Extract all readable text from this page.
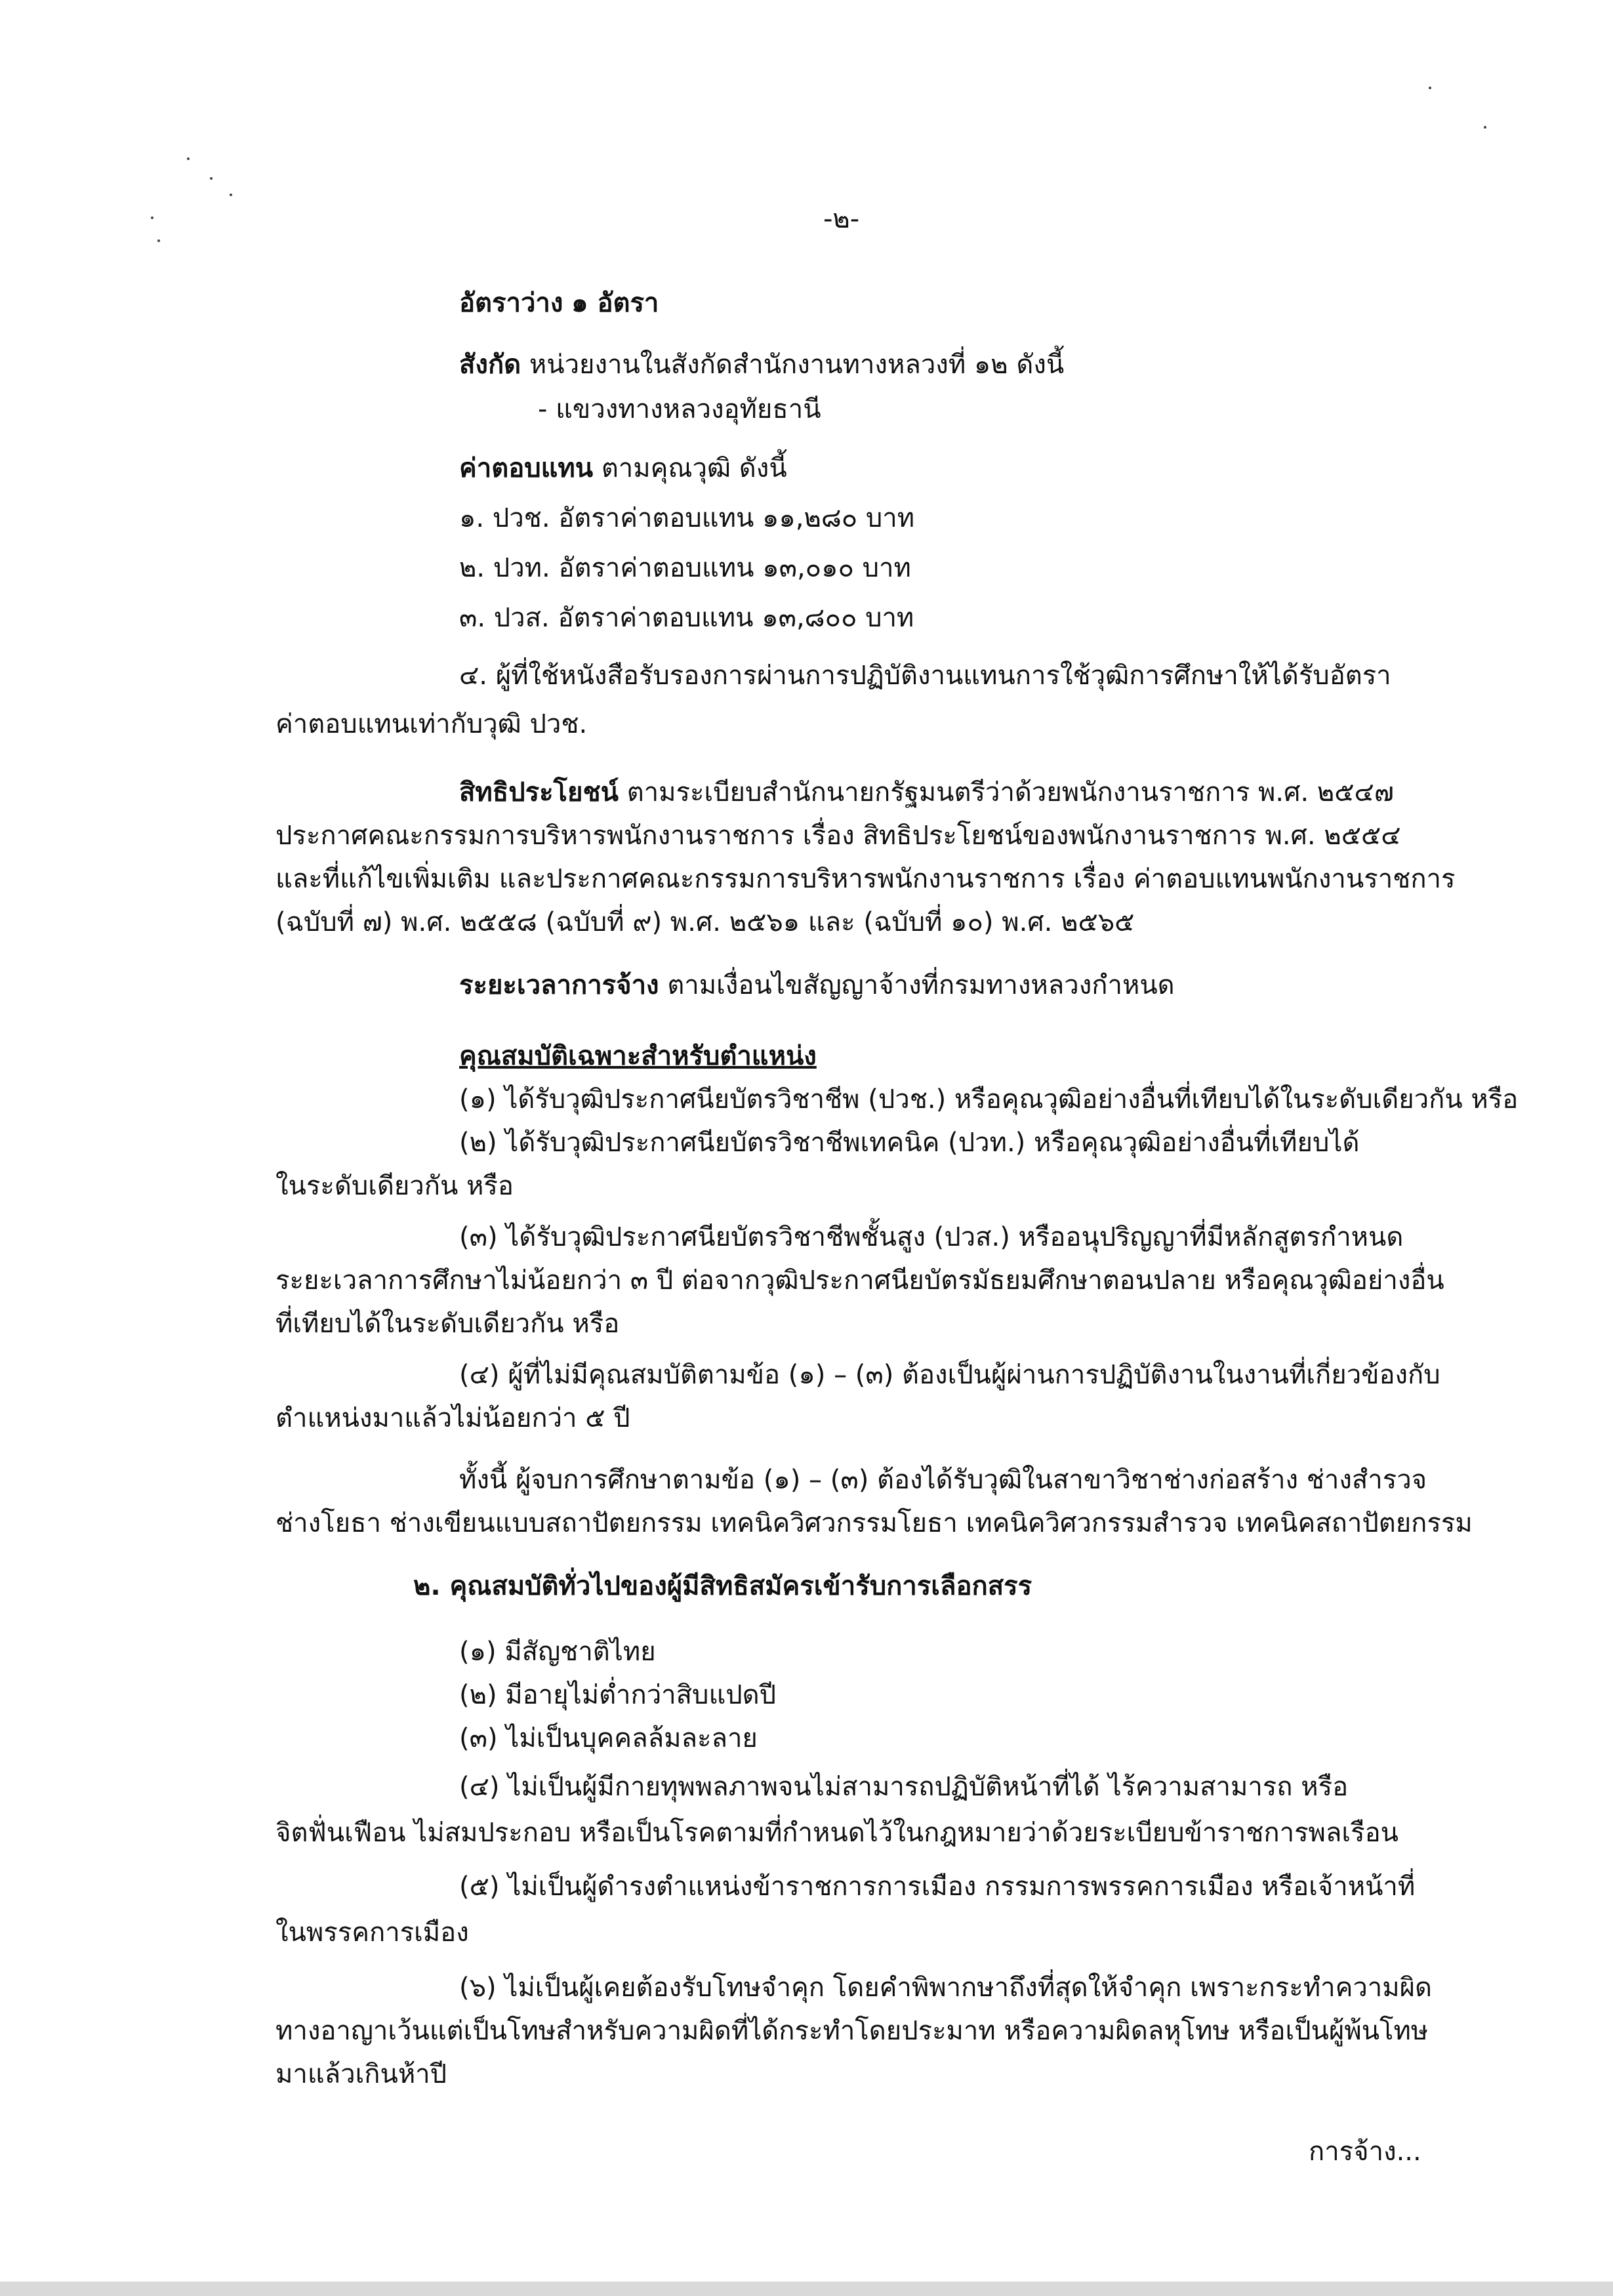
-๒-
อัตราว่าง ๑ อัตรา
สังกัด หน่วยงานในสังกัดสำนักงานทางหลวงที่ ๑๒ ดังนี้
- แขวงทางหลวงอุทัยธานี
ค่าตอบแทน ตามคุณวุฒิ ดังนี้
๑. ปวช. อัตราค่าตอบแทน ๑๑,๒๘๐ บาท
๒. ปวท. อัตราค่าตอบแทน ๑๓,๐๑๐ บาท
๓. ปวส. อัตราค่าตอบแทน ๑๓,๘๐๐ บาท
๔. ผู้ที่ใช้หนังสือรับรองการผ่านการปฏิบัติงานแทนการใช้วุฒิการศึกษาให้ได้รับอัตรา
ค่าตอบแทนเท่ากับวุฒิ ปวช.
สิทธิประโยชน์ ตามระเบียบสำนักนายกรัฐมนตรีว่าด้วยพนักงานราชการ พ.ศ. ๒๕๔๗
ประกาศคณะกรรมการบริหารพนักงานราชการ เรื่อง สิทธิประโยชน์ของพนักงานราชการ พ.ศ. ๒๕๕๔
และที่แก้ไขเพิ่มเติม และประกาศคณะกรรมการบริหารพนักงานราชการ เรื่อง ค่าตอบแทนพนักงานราชการ
(ฉบับที่ ๗) พ.ศ. ๒๕๕๘ (ฉบับที่ ๙) พ.ศ. ๒๕๖๑ และ (ฉบับที่ ๑๐) พ.ศ. ๒๕๖๕
ระยะเวลาการจ้าง ตามเงื่อนไขสัญญาจ้างที่กรมทางหลวงกำหนด
คุณสมบัติเฉพาะสำหรับตำแหน่ง
(๑) ได้รับวุฒิประกาศนียบัตรวิชาชีพ (ปวช.) หรือคุณวุฒิอย่างอื่นที่เทียบได้ในระดับเดียวกัน หรือ
(๒) ได้รับวุฒิประกาศนียบัตรวิชาชีพเทคนิค (ปวท.) หรือคุณวุฒิอย่างอื่นที่เทียบได้
ในระดับเดียวกัน หรือ
(๓) ได้รับวุฒิประกาศนียบัตรวิชาชีพชั้นสูง (ปวส.) หรืออนุปริญญาที่มีหลักสูตรกำหนด
ระยะเวลาการศึกษาไม่น้อยกว่า ๓ ปี ต่อจากวุฒิประกาศนียบัตรมัธยมศึกษาตอนปลาย หรือคุณวุฒิอย่างอื่น
ที่เทียบได้ในระดับเดียวกัน หรือ
(๔) ผู้ที่ไม่มีคุณสมบัติตามข้อ (๑) – (๓) ต้องเป็นผู้ผ่านการปฏิบัติงานในงานที่เกี่ยวข้องกับ
ตำแหน่งมาแล้วไม่น้อยกว่า ๕ ปี
ทั้งนี้ ผู้จบการศึกษาตามข้อ (๑) – (๓) ต้องได้รับวุฒิในสาขาวิชาช่างก่อสร้าง ช่างสำรวจ
ช่างโยธา ช่างเขียนแบบสถาปัตยกรรม เทคนิควิศวกรรมโยธา เทคนิควิศวกรรมสำรวจ เทคนิคสถาปัตยกรรม
๒. คุณสมบัติทั่วไปของผู้มีสิทธิสมัครเข้ารับการเลือกสรร
(๑) มีสัญชาติไทย
(๒) มีอายุไม่ต่ำกว่าสิบแปดปี
(๓) ไม่เป็นบุคคลล้มละลาย
(๔) ไม่เป็นผู้มีกายทุพพลภาพจนไม่สามารถปฏิบัติหน้าที่ได้ ไร้ความสามารถ หรือ
จิตฟั่นเฟือน ไม่สมประกอบ หรือเป็นโรคตามที่กำหนดไว้ในกฎหมายว่าด้วยระเบียบข้าราชการพลเรือน
(๕) ไม่เป็นผู้ดำรงตำแหน่งข้าราชการการเมือง กรรมการพรรคการเมือง หรือเจ้าหน้าที่
ในพรรคการเมือง
(๖) ไม่เป็นผู้เคยต้องรับโทษจำคุก โดยคำพิพากษาถึงที่สุดให้จำคุก เพราะกระทำความผิด
ทางอาญาเว้นแต่เป็นโทษสำหรับความผิดที่ได้กระทำโดยประมาท หรือความผิดลหุโทษ หรือเป็นผู้พ้นโทษ
มาแล้วเกินห้าปี
การจ้าง...
